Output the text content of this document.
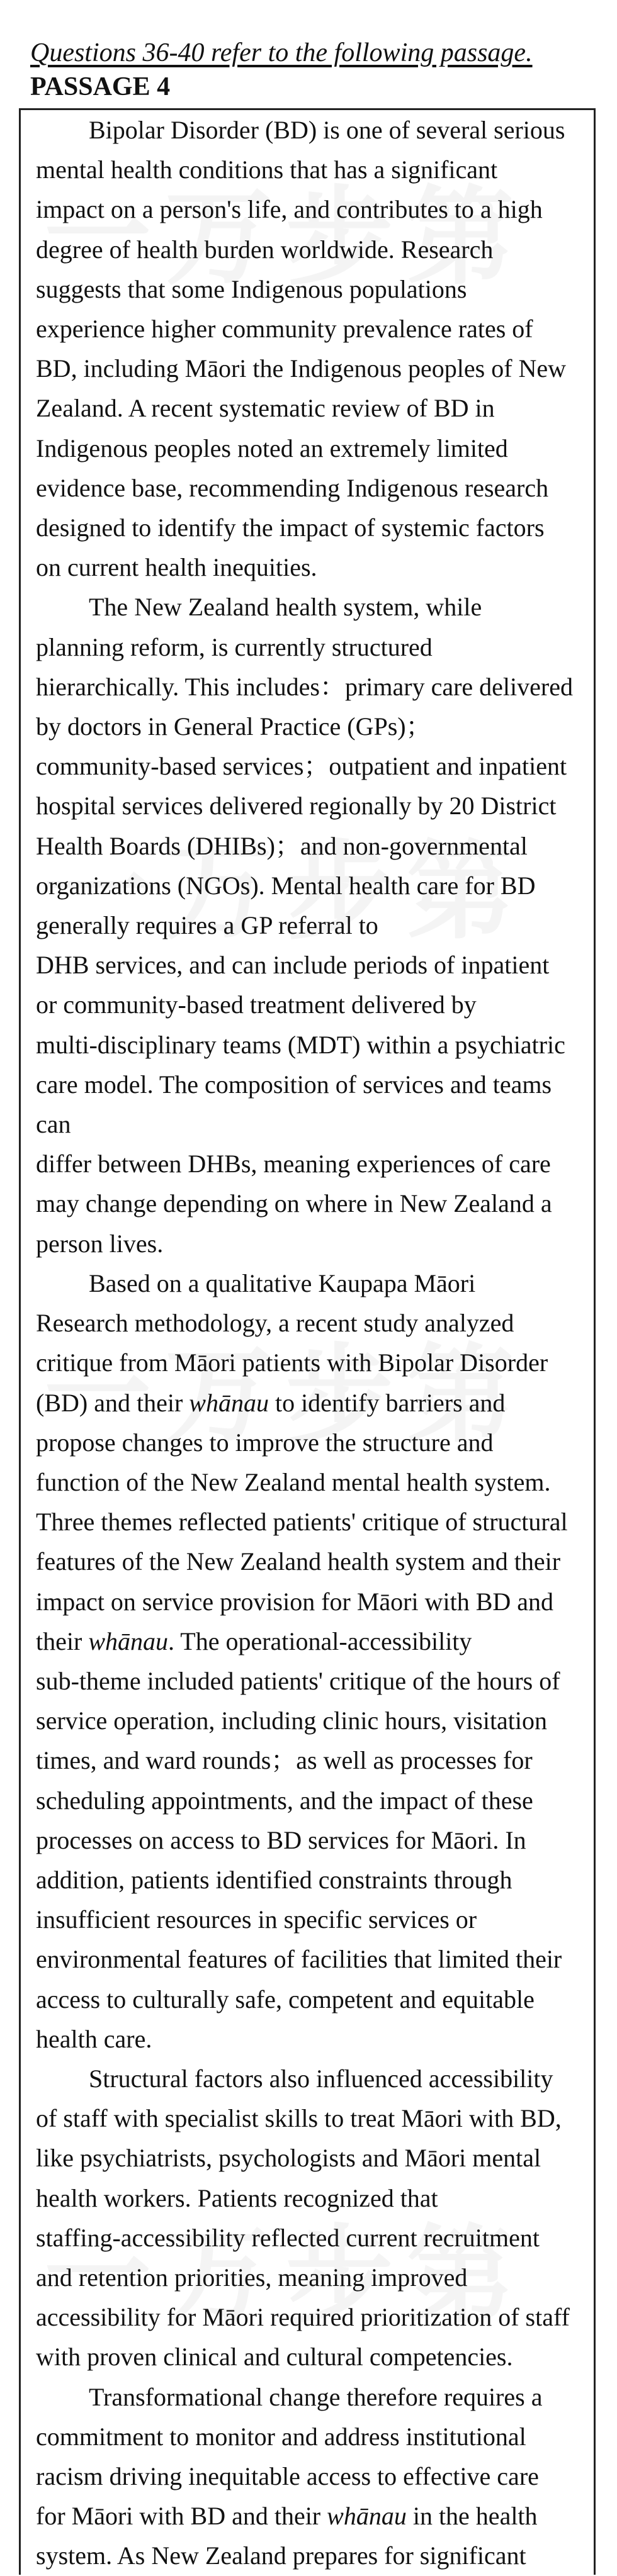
Questions 36-40 refer to the following passage.

PASSAGE 4

Bipolar Disorder (BD) is one of several serious
mental health conditions that has a significant
impact on a person's life, and contributes to a high
degree of health burden worldwide. Research
suggests that some Indigenous populations
experience higher community prevalence rates of
BD, including Māori the Indigenous peoples of New
Zealand. A recent systematic review of BD in
Indigenous peoples noted an extremely limited
evidence base, recommending Indigenous research
designed to identify the impact of systemic factors
on current health inequities.

The New Zealand health system, while
planning reform, is currently structured
hierarchically. This includes：primary care delivered
by doctors in General Practice (GPs)；
community-based services；outpatient and inpatient
hospital services delivered regionally by 20 District
Health Boards (DHIBs)；and non-governmental
organizations (NGOs). Mental health care for BD
generally requires a GP referral to
DHB services, and can include periods of inpatient
or community-based treatment delivered by
multi-disciplinary teams (MDT) within a psychiatric
care model. The composition of services and teams
can
differ between DHBs, meaning experiences of care
may change depending on where in New Zealand a
person lives.

Based on a qualitative Kaupapa Māori
Research methodology, a recent study analyzed
critique from Māori patients with Bipolar Disorder
(BD) and their whānau to identify barriers and
propose changes to improve the structure and
function of the New Zealand mental health system.
Three themes reflected patients' critique of structural
features of the New Zealand health system and their
impact on service provision for Māori with BD and
their whānau. The operational-accessibility
sub-theme included patients' critique of the hours of
service operation, including clinic hours, visitation
times, and ward rounds；as well as processes for
scheduling appointments, and the impact of these
processes on access to BD services for Māori. In
addition, patients identified constraints through
insufficient resources in specific services or
environmental features of facilities that limited their
access to culturally safe, competent and equitable
health care.

Structural factors also influenced accessibility
of staff with specialist skills to treat Māori with BD,
like psychiatrists, psychologists and Māori mental
health workers. Patients recognized that
staffing-accessibility reflected current recruitment
and retention priorities, meaning improved
accessibility for Māori required prioritization of staff
with proven clinical and cultural competencies.

Transformational change therefore requires a
commitment to monitor and address institutional
racism driving inequitable access to effective care
for Māori with BD and their whānau in the health
system. As New Zealand prepares for significant
